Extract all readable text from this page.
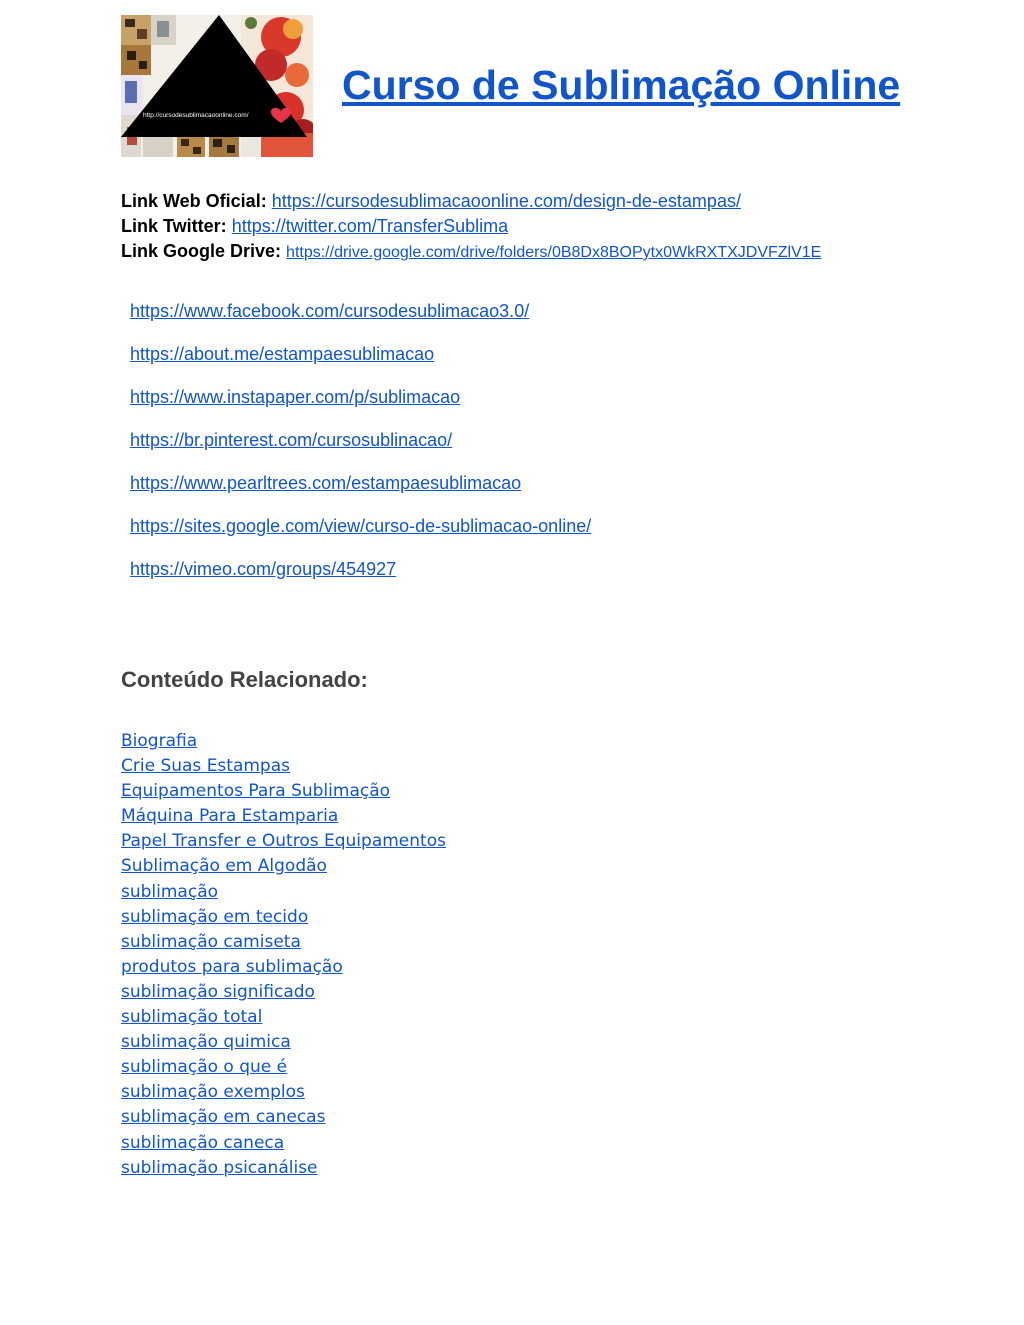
http://cursodesublimacaoonline.com/
Curso de Sublimação Online
Link Web Oficial: https://cursodesublimacaoonline.com/design-de-estampas/
Link Twitter: https://twitter.com/TransferSublima
Link Google Drive: https://drive.google.com/drive/folders/0B8Dx8BOPytx0WkRXTXJDVFZlV1E
https://www.facebook.com/cursodesublimacao3.0/
https://about.me/estampaesublimacao
https://www.instapaper.com/p/sublimacao
https://br.pinterest.com/cursosublinacao/
https://www.pearltrees.com/estampaesublimacao
https://sites.google.com/view/curso-de-sublimacao-online/
https://vimeo.com/groups/454927
Conteúdo Relacionado:
Biografia
Crie Suas Estampas
Equipamentos Para Sublimação
Máquina Para Estamparia
Papel Transfer e Outros Equipamentos
Sublimação em Algodão
sublimação
sublimação em tecido
sublimação camiseta
produtos para sublimação
sublimação significado
sublimação total
sublimação quimica
sublimação o que é
sublimação exemplos
sublimação em canecas
sublimação caneca
sublimação psicanálise
